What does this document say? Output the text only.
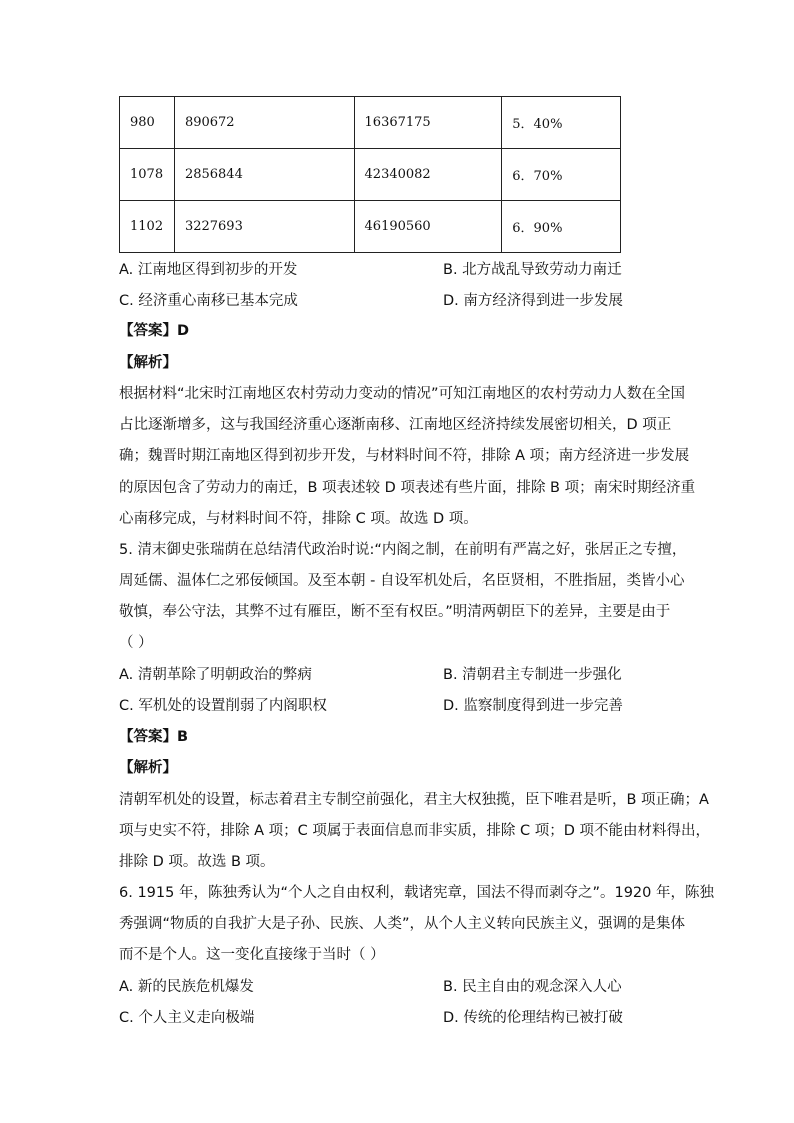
980	890672	16367175	5．40%
1078	2856844	42340082	6．70%
1102	3227693	46190560	6．90%
A. 江南地区得到初步的开发	B. 北方战乱导致劳动力南迁
C. 经济重心南移已基本完成	D. 南方经济得到进一步发展
【答案】D
【解析】
根据材料“北宋时江南地区农村劳动力变动的情况”可知江南地区的农村劳动力人数在全国
占比逐渐增多，这与我国经济重心逐渐南移、江南地区经济持续发展密切相关，D 项正
确；魏晋时期江南地区得到初步开发，与材料时间不符，排除 A 项；南方经济进一步发展
的原因包含了劳动力的南迁，B 项表述较 D 项表述有些片面，排除 B 项；南宋时期经济重
心南移完成，与材料时间不符，排除 C 项。故选 D 项。
5. 清末御史张瑞荫在总结清代政治时说:“内阁之制，在前明有严嵩之好，张居正之专擅，
周延儒、温体仁之邪佞倾国。及至本朝 - 自设军机处后，名臣贤相，不胜指屈，类皆小心
敬慎，奉公守法，其弊不过有雁臣，断不至有权臣。”明清两朝臣下的差异，主要是由于
（ ）
A. 清朝革除了明朝政治的弊病	B. 清朝君主专制进一步强化
C. 军机处的设置削弱了内阁职权	D. 监察制度得到进一步完善
【答案】B
【解析】
清朝军机处的设置，标志着君主专制空前强化，君主大权独揽，臣下唯君是听，B 项正确；A
项与史实不符，排除 A 项；C 项属于表面信息而非实质，排除 C 项；D 项不能由材料得出，
排除 D 项。故选 B 项。
6. 1915 年，陈独秀认为“个人之自由权利，载诸宪章，国法不得而剥夺之”。1920 年，陈独
秀强调“物质的自我扩大是子孙、民族、人类”，从个人主义转向民族主义，强调的是集体
而不是个人。这一变化直接缘于当时（ ）
A. 新的民族危机爆发	B. 民主自由的观念深入人心
C. 个人主义走向极端	D. 传统的伦理结构已被打破
